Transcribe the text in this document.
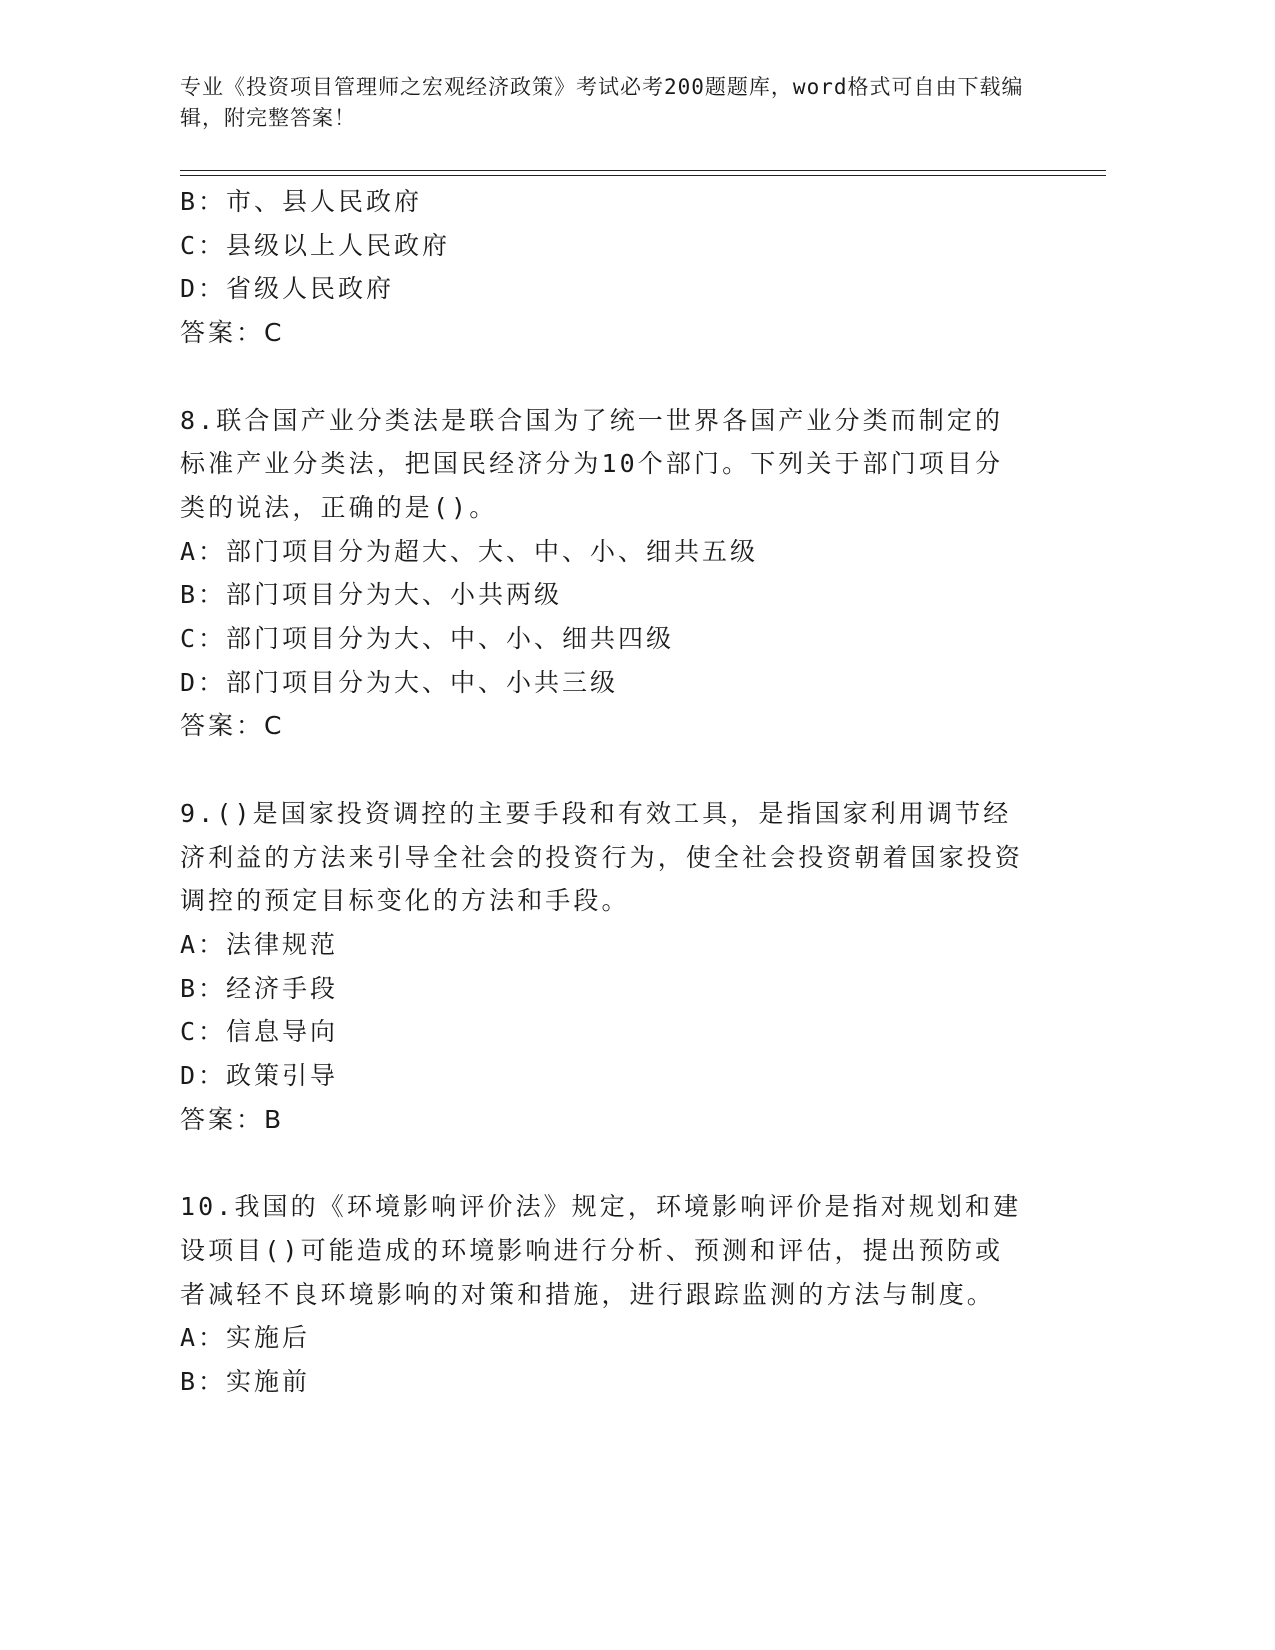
专业《投资项目管理师之宏观经济政策》考试必考200题题库，word格式可自由下载编辑，附完整答案！
B：市、县人民政府
C：县级以上人民政府
D：省级人民政府
答案：C
8.联合国产业分类法是联合国为了统一世界各国产业分类而制定的标准产业分类法，把国民经济分为10个部门。下列关于部门项目分类的说法，正确的是()。
A：部门项目分为超大、大、中、小、细共五级
B：部门项目分为大、小共两级
C：部门项目分为大、中、小、细共四级
D：部门项目分为大、中、小共三级
答案：C
9.()是国家投资调控的主要手段和有效工具，是指国家利用调节经济利益的方法来引导全社会的投资行为，使全社会投资朝着国家投资调控的预定目标变化的方法和手段。
A：法律规范
B：经济手段
C：信息导向
D：政策引导
答案：B
10.我国的《环境影响评价法》规定，环境影响评价是指对规划和建设项目()可能造成的环境影响进行分析、预测和评估，提出预防或者减轻不良环境影响的对策和措施，进行跟踪监测的方法与制度。
A：实施后
B：实施前
